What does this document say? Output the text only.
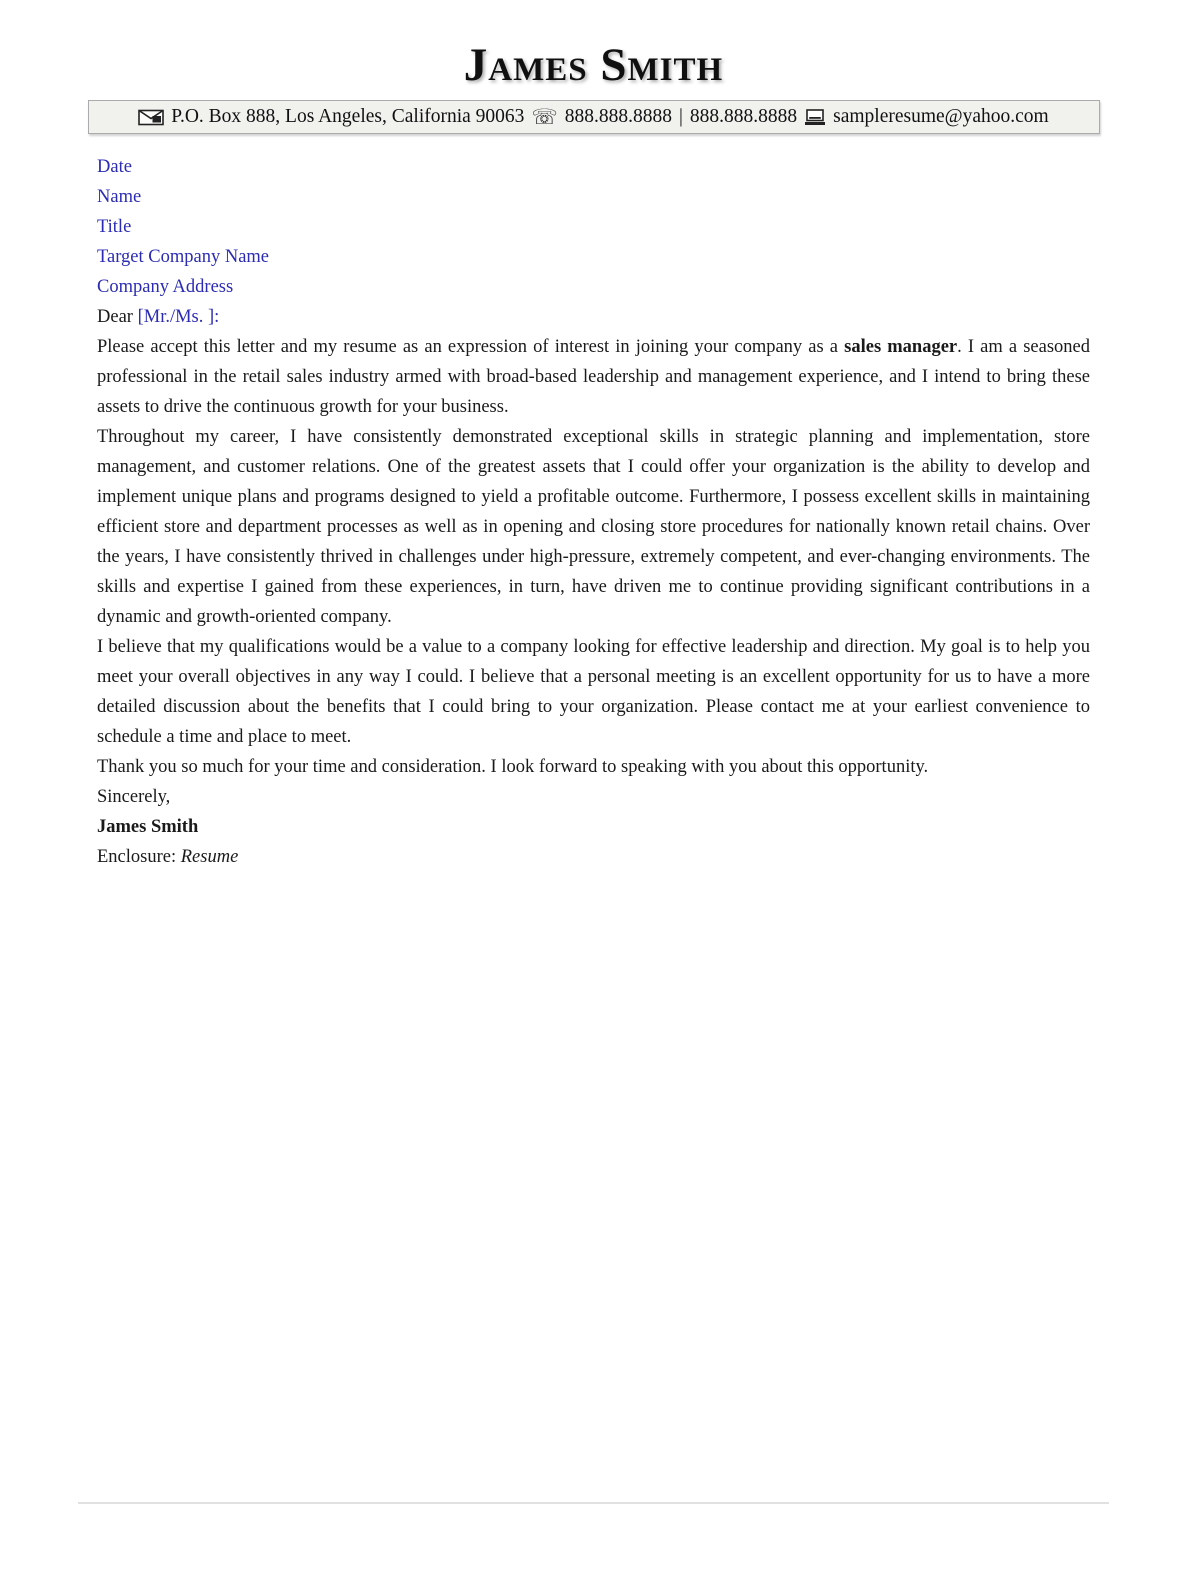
James Smith
P.O. Box 888, Los Angeles, California 90063 ☏ 888.888.8888 | 888.888.8888 sampleresume@yahoo.com

Date

Name

Title

Target Company Name

Company Address

Dear [Mr./Ms. ]:

Please accept this letter and my resume as an expression of interest in joining your company as a sales manager. I am a seasoned professional in the retail sales industry armed with broad-based leadership and management experience, and I intend to bring these assets to drive the continuous growth for your business.

Throughout my career, I have consistently demonstrated exceptional skills in strategic planning and implementation, store management, and customer relations. One of the greatest assets that I could offer your organization is the ability to develop and implement unique plans and programs designed to yield a profitable outcome. Furthermore, I possess excellent skills in maintaining efficient store and department processes as well as in opening and closing store procedures for nationally known retail chains. Over the years, I have consistently thrived in challenges under high-pressure, extremely competent, and ever-changing environments. The skills and expertise I gained from these experiences, in turn, have driven me to continue providing significant contributions in a dynamic and growth-oriented company.

I believe that my qualifications would be a value to a company looking for effective leadership and direction. My goal is to help you meet your overall objectives in any way I could. I believe that a personal meeting is an excellent opportunity for us to have a more detailed discussion about the benefits that I could bring to your organization. Please contact me at your earliest convenience to schedule a time and place to meet.

Thank you so much for your time and consideration. I look forward to speaking with you about this opportunity.

Sincerely,

James Smith

Enclosure: Resume
